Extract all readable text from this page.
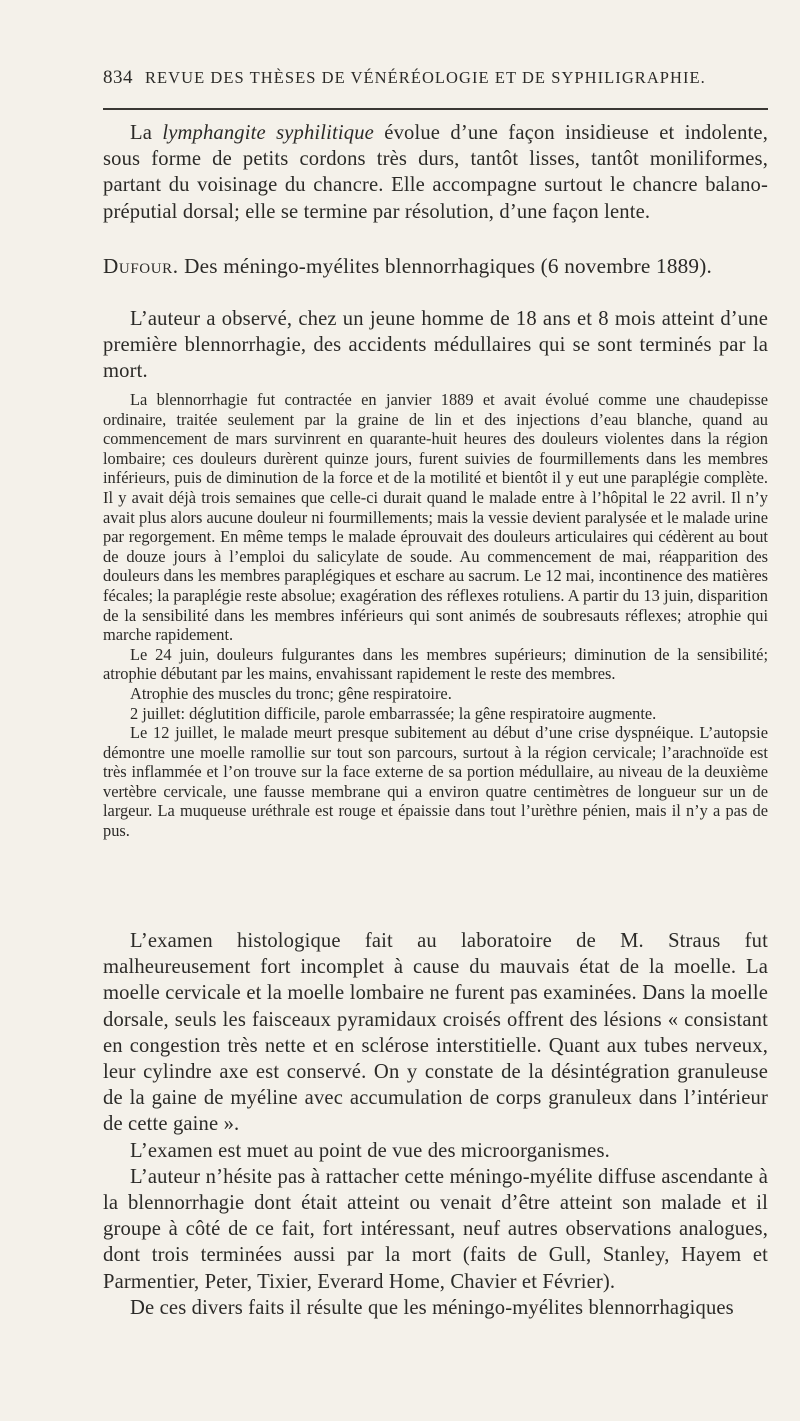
834 REVUE DES THÈSES DE VÉNÉRÉOLOGIE ET DE SYPHILIGRAPHIE.

La lymphangite syphilitique évolue d’une façon insidieuse et indolente, sous forme de petits cordons très durs, tantôt lisses, tantôt moniliformes, partant du voisinage du chancre. Elle accompagne surtout le chancre balano-préputial dorsal; elle se termine par résolution, d’une façon lente.

Dufour. Des méningo-myélites blennorrhagiques (6 novembre 1889).

L’auteur a observé, chez un jeune homme de 18 ans et 8 mois atteint d’une première blennorrhagie, des accidents médullaires qui se sont terminés par la mort.

La blennorrhagie fut contractée en janvier 1889 et avait évolué comme une chaudepisse ordinaire, traitée seulement par la graine de lin et des injections d’eau blanche, quand au commencement de mars survinrent en quarante-huit heures des douleurs violentes dans la région lombaire; ces douleurs durèrent quinze jours, furent suivies de fourmillements dans les membres inférieurs, puis de diminution de la force et de la motilité et bientôt il y eut une paraplégie complète. Il y avait déjà trois semaines que celle-ci durait quand le malade entre à l’hôpital le 22 avril. Il n’y avait plus alors aucune douleur ni fourmillements; mais la vessie devient paralysée et le malade urine par regorgement. En même temps le malade éprouvait des douleurs articulaires qui cédèrent au bout de douze jours à l’emploi du salicylate de soude. Au commencement de mai, réapparition des douleurs dans les membres paraplégiques et eschare au sacrum. Le 12 mai, incontinence des matières fécales; la paraplégie reste absolue; exagération des réflexes rotuliens. A partir du 13 juin, disparition de la sensibilité dans les membres inférieurs qui sont animés de soubresauts réflexes; atrophie qui marche rapidement.

Le 24 juin, douleurs fulgurantes dans les membres supérieurs; diminution de la sensibilité; atrophie débutant par les mains, envahissant rapidement le reste des membres.

Atrophie des muscles du tronc; gêne respiratoire.

2 juillet: déglutition difficile, parole embarrassée; la gêne respiratoire augmente.

Le 12 juillet, le malade meurt presque subitement au début d’une crise dyspnéique. L’autopsie démontre une moelle ramollie sur tout son parcours, surtout à la région cervicale; l’arachnoïde est très inflammée et l’on trouve sur la face externe de sa portion médullaire, au niveau de la deuxième vertèbre cervicale, une fausse membrane qui a environ quatre centimètres de longueur sur un de largeur. La muqueuse uréthrale est rouge et épaissie dans tout l’urèthre pénien, mais il n’y a pas de pus.

L’examen histologique fait au laboratoire de M. Straus fut malheureusement fort incomplet à cause du mauvais état de la moelle. La moelle cervicale et la moelle lombaire ne furent pas examinées. Dans la moelle dorsale, seuls les faisceaux pyramidaux croisés offrent des lésions « consistant en congestion très nette et en sclérose interstitielle. Quant aux tubes nerveux, leur cylindre axe est conservé. On y constate de la désintégration granuleuse de la gaine de myéline avec accumulation de corps granuleux dans l’intérieur de cette gaine ».

L’examen est muet au point de vue des microorganismes.

L’auteur n’hésite pas à rattacher cette méningo-myélite diffuse ascendante à la blennorrhagie dont était atteint ou venait d’être atteint son malade et il groupe à côté de ce fait, fort intéressant, neuf autres observations analogues, dont trois terminées aussi par la mort (faits de Gull, Stanley, Hayem et Parmentier, Peter, Tixier, Everard Home, Chavier et Février).

De ces divers faits il résulte que les méningo-myélites blennorrhagiques
